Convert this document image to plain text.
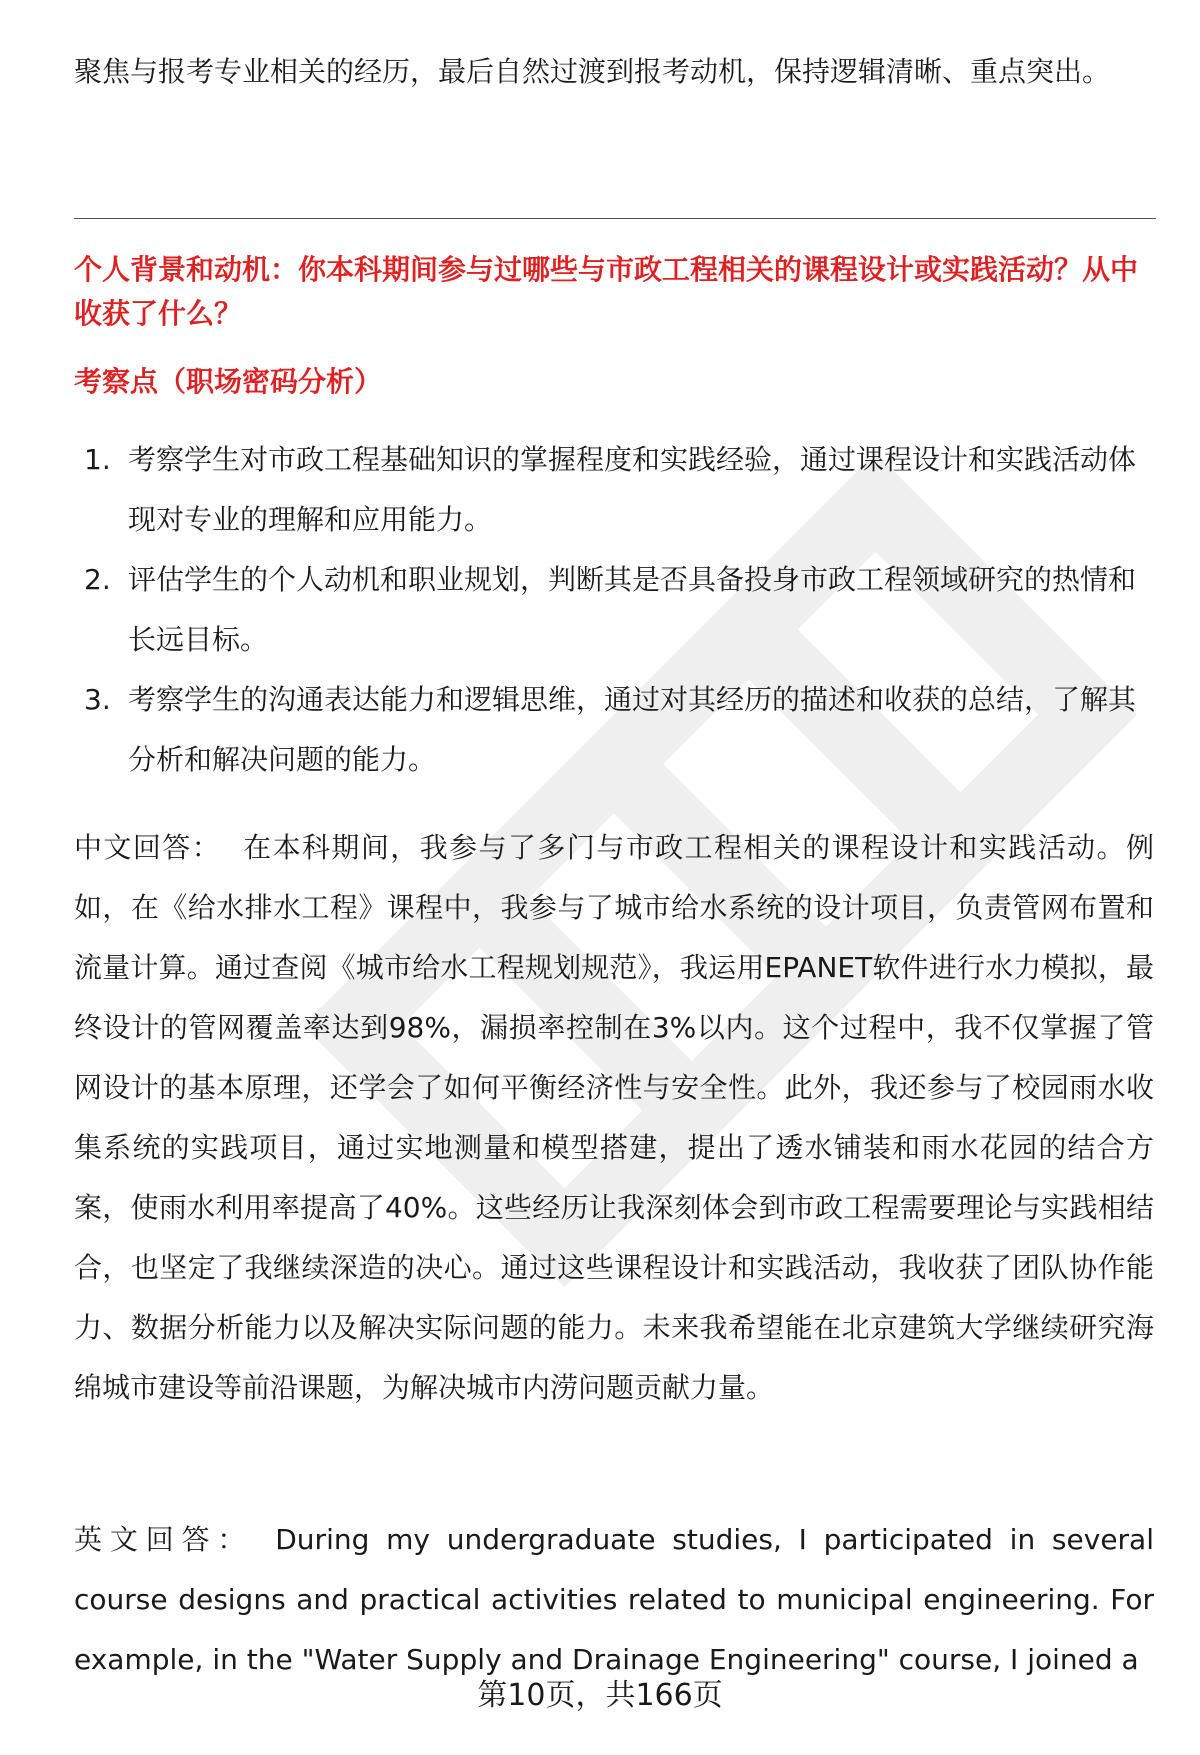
聚焦与报考专业相关的经历，最后自然过渡到报考动机，保持逻辑清晰、重点突出。

个人背景和动机：你本科期间参与过哪些与市政工程相关的课程设计或实践活动？从中收获了什么？

考察点（职场密码分析）

1. 考察学生对市政工程基础知识的掌握程度和实践经验，通过课程设计和实践活动体现对专业的理解和应用能力。
2. 评估学生的个人动机和职业规划，判断其是否具备投身市政工程领域研究的热情和长远目标。
3. 考察学生的沟通表达能力和逻辑思维，通过对其经历的描述和收获的总结，了解其分析和解决问题的能力。

中文回答： 在本科期间，我参与了多门与市政工程相关的课程设计和实践活动。例如，在《给水排水工程》课程中，我参与了城市给水系统的设计项目，负责管网布置和流量计算。通过查阅《城市给水工程规划规范》，我运用EPANET软件进行水力模拟，最终设计的管网覆盖率达到98%，漏损率控制在3%以内。这个过程中，我不仅掌握了管网设计的基本原理，还学会了如何平衡经济性与安全性。此外，我还参与了校园雨水收集系统的实践项目，通过实地测量和模型搭建，提出了透水铺装和雨水花园的结合方案，使雨水利用率提高了40%。这些经历让我深刻体会到市政工程需要理论与实践相结合，也坚定了我继续深造的决心。通过这些课程设计和实践活动，我收获了团队协作能力、数据分析能力以及解决实际问题的能力。未来我希望能在北京建筑大学继续研究海绵城市建设等前沿课题，为解决城市内涝问题贡献力量。

英文回答： During my undergraduate studies, I participated in several course designs and practical activities related to municipal engineering. For example, in the "Water Supply and Drainage Engineering" course, I joined a

第10页，共166页
